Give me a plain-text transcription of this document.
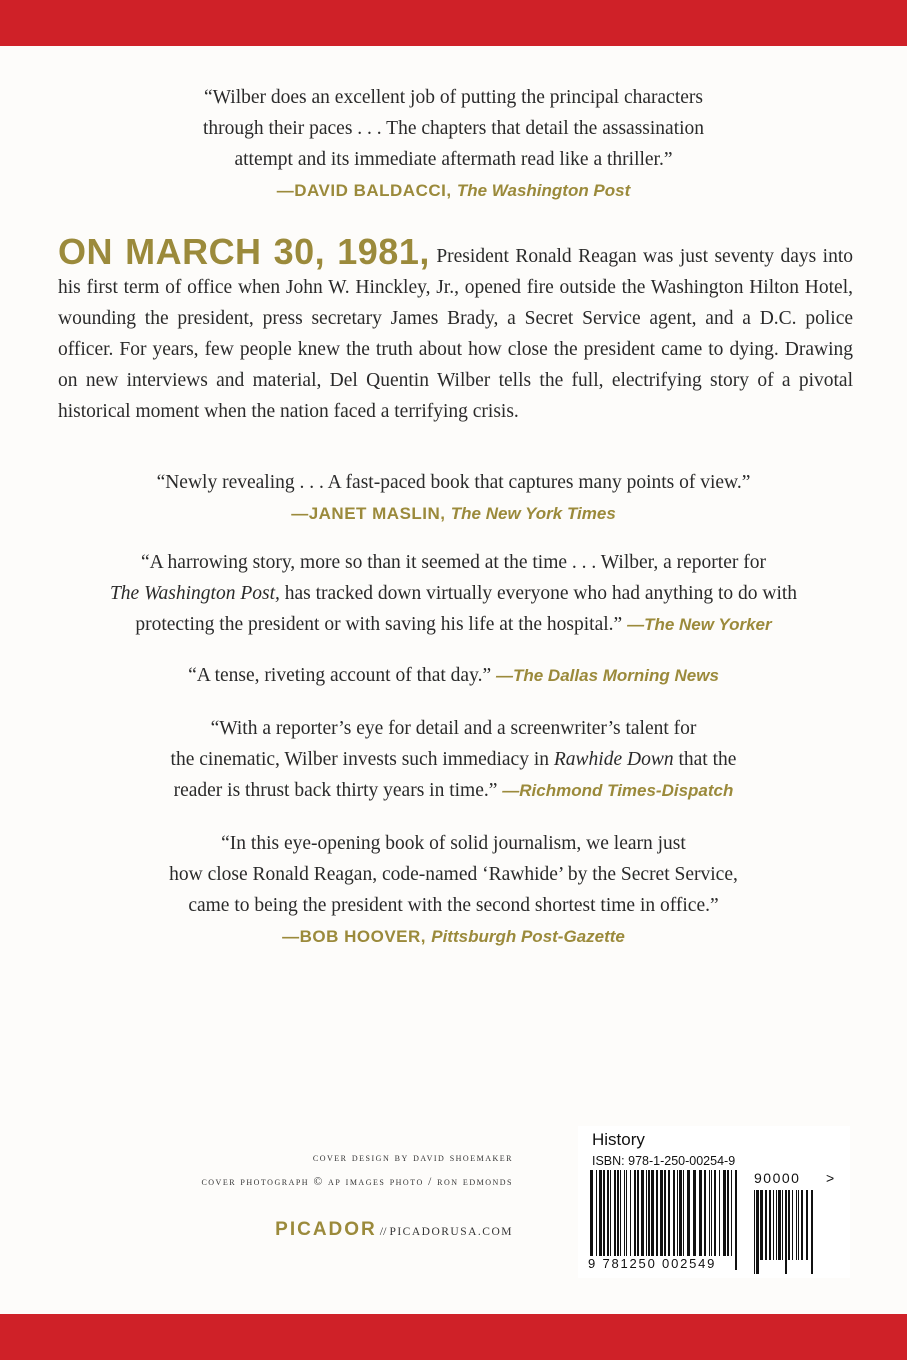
“Wilber does an excellent job of putting the principal characters
through their paces . . . The chapters that detail the assassination
attempt and its immediate aftermath read like a thriller.”
—DAVID BALDACCI, The Washington Post
ON MARCH 30, 1981, President Ronald Reagan was just seventy days into his first term of office when John W. Hinckley, Jr., opened fire outside the Washington Hilton Hotel, wounding the president, press secretary James Brady, a Secret Service agent, and a D.C. police officer. For years, few people knew the truth about how close the president came to dying. Drawing on new interviews and material, Del Quentin Wilber tells the full, electrifying story of a pivotal historical moment when the nation faced a terrifying crisis.
“Newly revealing . . . A fast-paced book that captures many points of view.”
—JANET MASLIN, The New York Times
“A harrowing story, more so than it seemed at the time . . . Wilber, a reporter for
The Washington Post, has tracked down virtually everyone who had anything to do with
protecting the president or with saving his life at the hospital.” —The New Yorker
“A tense, riveting account of that day.” —The Dallas Morning News
“With a reporter’s eye for detail and a screenwriter’s talent for
the cinematic, Wilber invests such immediacy in Rawhide Down that the
reader is thrust back thirty years in time.” —Richmond Times-Dispatch
“In this eye-opening book of solid journalism, we learn just
how close Ronald Reagan, code-named ‘Rawhide’ by the Secret Service,
came to being the president with the second shortest time in office.”
—BOB HOOVER, Pittsburgh Post-Gazette
cover design by david shoemaker
cover photograph © ap images photo / ron edmonds
PICADOR // PICADORUSA.COM
History
ISBN: 978-1-250-00254-9
90000 >
9 781250 002549
